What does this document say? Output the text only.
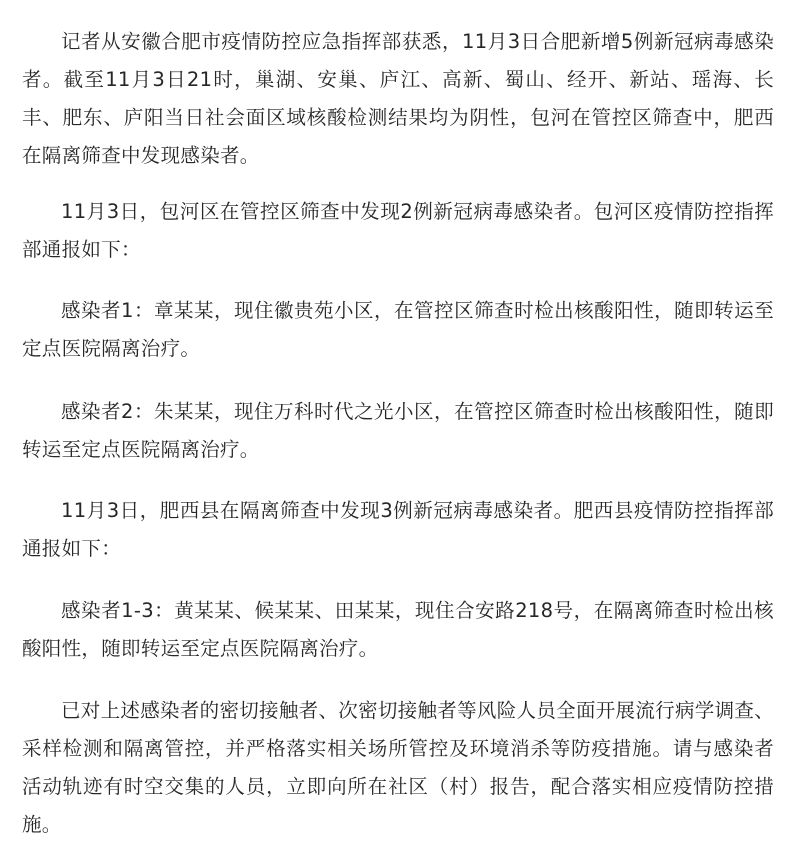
记者从安徽合肥市疫情防控应急指挥部获悉，11月3日合肥新增5例新冠病毒感染者。截至11月3日21时，巢湖、安巢、庐江、高新、蜀山、经开、新站、瑶海、长丰、肥东、庐阳当日社会面区域核酸检测结果均为阴性，包河在管控区筛查中，肥西在隔离筛查中发现感染者。

11月3日，包河区在管控区筛查中发现2例新冠病毒感染者。包河区疫情防控指挥部通报如下：

感染者1：章某某，现住徽贵苑小区，在管控区筛查时检出核酸阳性，随即转运至定点医院隔离治疗。

感染者2：朱某某，现住万科时代之光小区，在管控区筛查时检出核酸阳性，随即转运至定点医院隔离治疗。

11月3日，肥西县在隔离筛查中发现3例新冠病毒感染者。肥西县疫情防控指挥部通报如下：

感染者1-3：黄某某、候某某、田某某，现住合安路218号，在隔离筛查时检出核酸阳性，随即转运至定点医院隔离治疗。

已对上述感染者的密切接触者、次密切接触者等风险人员全面开展流行病学调查、采样检测和隔离管控，并严格落实相关场所管控及环境消杀等防疫措施。请与感染者活动轨迹有时空交集的人员，立即向所在社区（村）报告，配合落实相应疫情防控措施。
